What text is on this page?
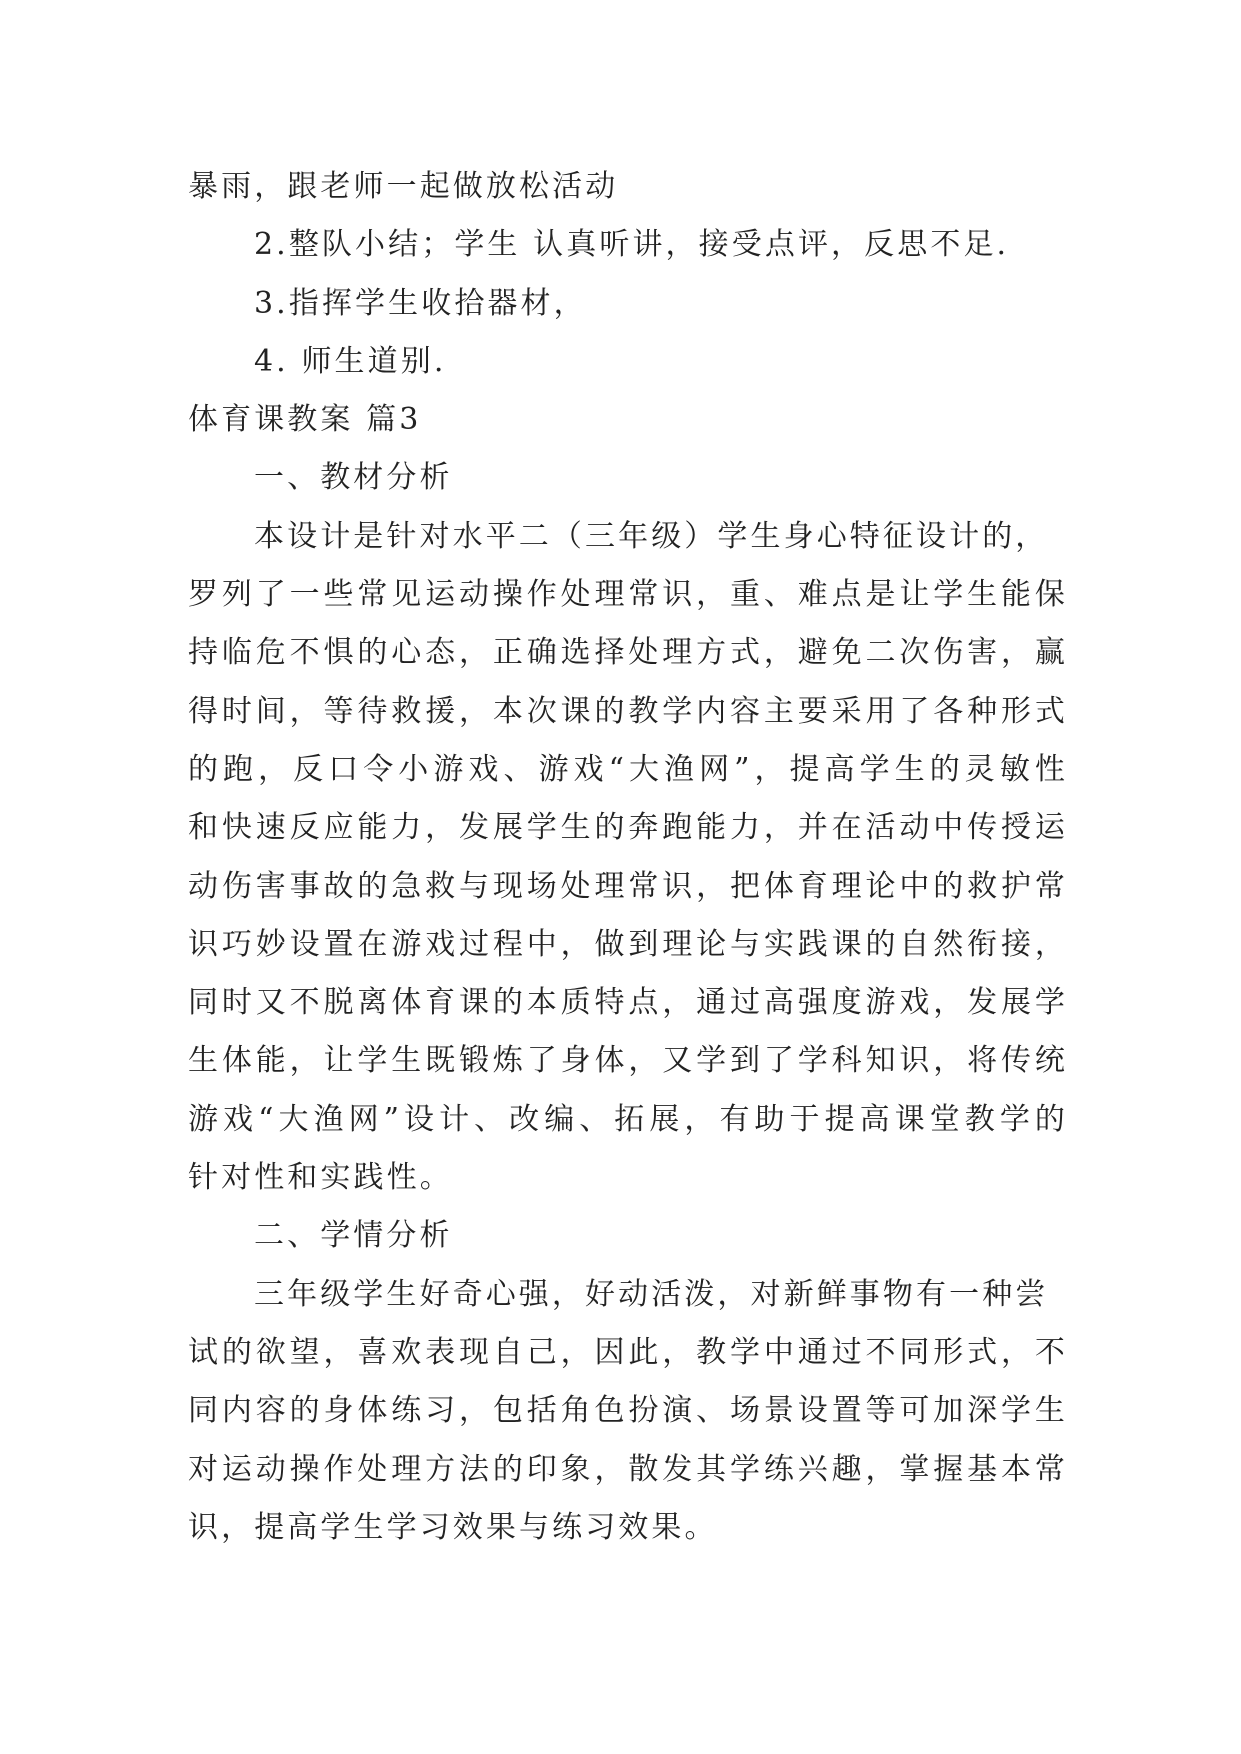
暴雨，跟老师一起做放松活动
2.整队小结；学生 认真听讲，接受点评，反思不足.
3.指挥学生收拾器材，
4. 师生道别.
体育课教案 篇3
一、教材分析
本设计是针对水平二（三年级）学生身心特征设计的，
罗列了一些常见运动操作处理常识，重、难点是让学生能保
持临危不惧的心态，正确选择处理方式，避免二次伤害，赢
得时间，等待救援，本次课的教学内容主要采用了各种形式
的跑，反口令小游戏、游戏“大渔网”，提高学生的灵敏性
和快速反应能力，发展学生的奔跑能力，并在活动中传授运
动伤害事故的急救与现场处理常识，把体育理论中的救护常
识巧妙设置在游戏过程中，做到理论与实践课的自然衔接，
同时又不脱离体育课的本质特点，通过高强度游戏，发展学
生体能，让学生既锻炼了身体，又学到了学科知识，将传统
游戏“大渔网”设计、改编、拓展，有助于提高课堂教学的
针对性和实践性。
二、学情分析
三年级学生好奇心强，好动活泼，对新鲜事物有一种尝
试的欲望，喜欢表现自己，因此，教学中通过不同形式，不
同内容的身体练习，包括角色扮演、场景设置等可加深学生
对运动操作处理方法的印象，散发其学练兴趣，掌握基本常
识，提高学生学习效果与练习效果。
